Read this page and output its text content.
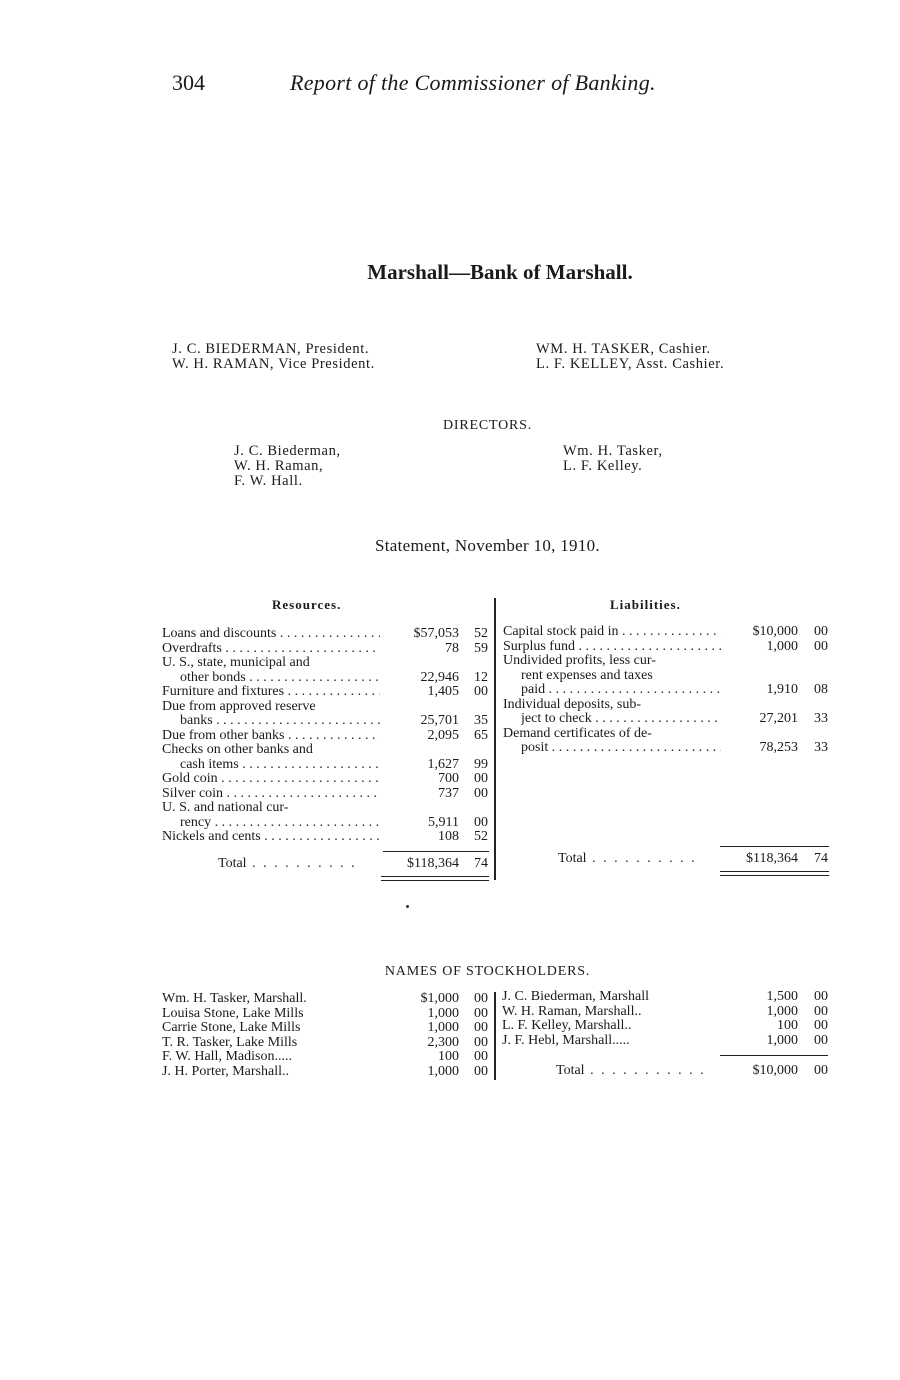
304	Report of the Commissioner of Banking.
Marshall—Bank of Marshall.
J. C. BIEDERMAN, President.
W. H. RAMAN, Vice President.
WM. H. TASKER, Cashier.
L. F. KELLEY, Asst. Cashier.
DIRECTORS.
J. C. Biederman,
W. H. Raman,
F. W. Hall.
Wm. H. Tasker,
L. F. Kelley.
Statement, November 10, 1910.
Resources.	Liabilities.
Loans and discounts . . .	$57,053	52
Overdrafts . . .	78	59
U. S., state, municipal and
other bonds . . .	22,946	12
Furniture and fixtures . . .	1,405	00
Due from approved reserve
banks . . .	25,701	35
Due from other banks . . .	2,095	65
Checks on other banks and
cash items . . .	1,627	99
Gold coin . . .	700	00
Silver coin . . .	737	00
U. S. and national cur-
rency . . .	5,911	00
Nickels and cents . . .	108	52
Capital stock paid in . . .	$10,000	00
Surplus fund . . .	1,000	00
Undivided profits, less cur-
rent expenses and taxes
paid . . .	1,910	08
Individual deposits, sub-
ject to check . . .	27,201	33
Demand certificates of de-
posit . . .	78,253	33
Total . . . . . . . . . .	$118,364	74	Total . . . . . . . . . .	$118,364	74
NAMES OF STOCKHOLDERS.
Wm. H. Tasker, Marshall.	$1,000	00
Louisa Stone, Lake Mills	1,000	00
Carrie Stone, Lake Mills	1,000	00
T. R. Tasker, Lake Mills	2,300	00
F. W. Hall, Madison.....	100	00
J. H. Porter, Marshall..	1,000	00
J. C. Biederman, Marshall	1,500	00
W. H. Raman, Marshall..	1,000	00
L. F. Kelley, Marshall..	100	00
J. F. Hebl, Marshall.....	1,000	00
Total . . . . . . . . . . .	$10,000	00
